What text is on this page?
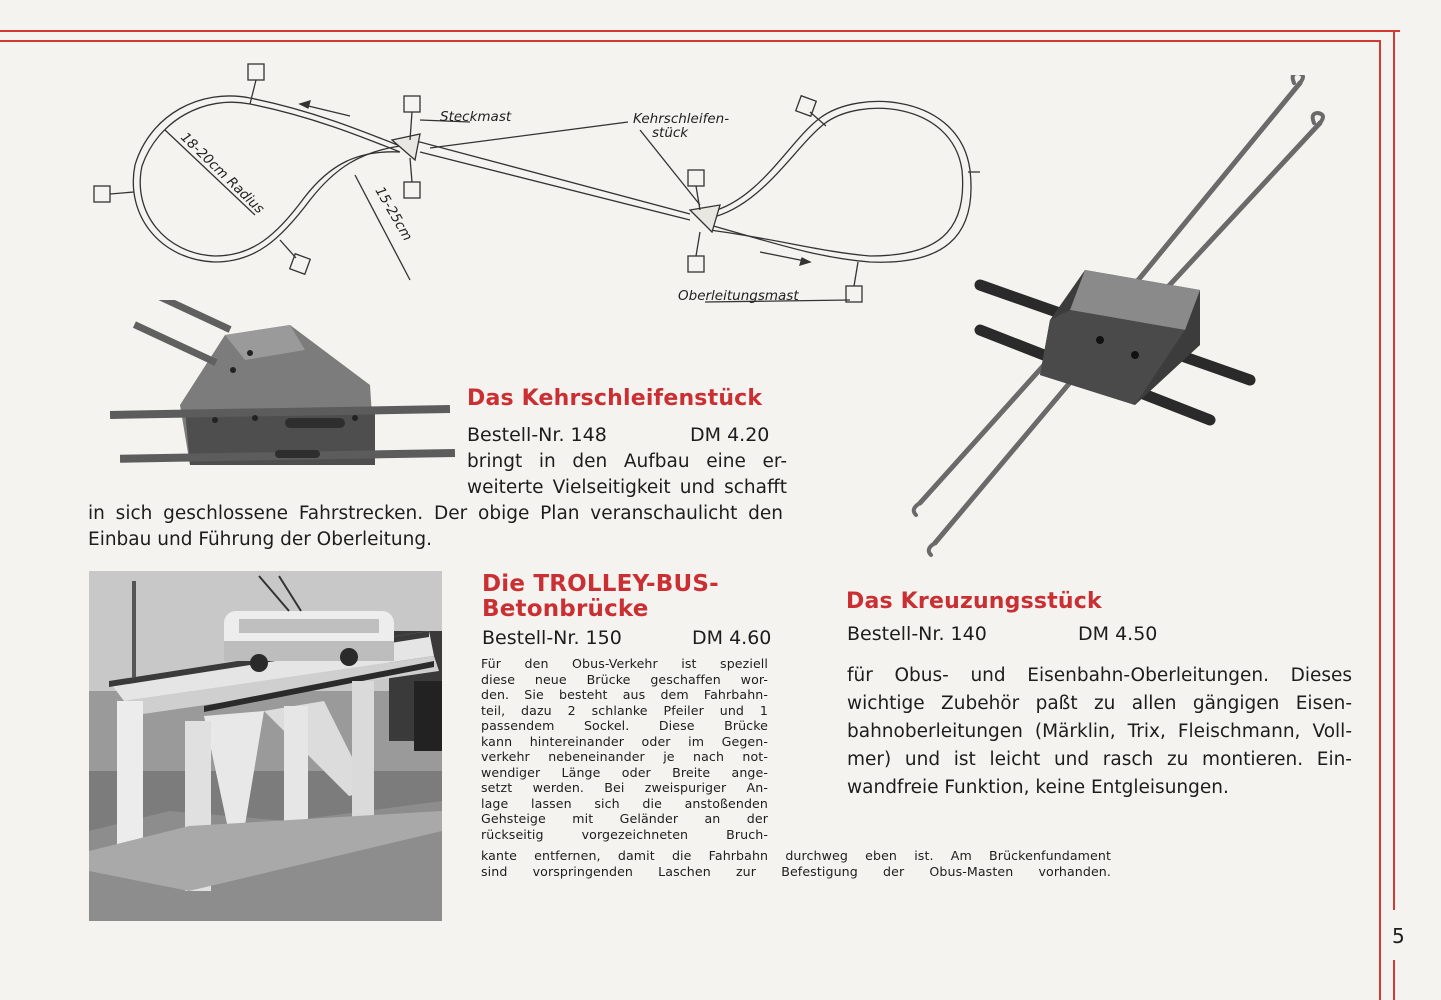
5
Steckmast	Kehrschleifen-
stück
18-20cm Radius	15-25cm
Oberleitungsmast
Das Kehrschleifenstück
Bestell-Nr. 148	DM 4.20
bringt in den Aufbau eine er-
weiterte Vielseitigkeit und schafft
in sich geschlossene Fahrstrecken. Der obige Plan veranschaulicht den
Einbau und Führung der Oberleitung.
Die TROLLEY-BUS-
Betonbrücke
Bestell-Nr. 150	DM 4.60
Für den Obus-Verkehr ist speziell
diese neue Brücke geschaffen wor-
den. Sie besteht aus dem Fahrbahn-
teil, dazu 2 schlanke Pfeiler und 1
passendem Sockel. Diese Brücke
kann hintereinander oder im Gegen-
verkehr nebeneinander je nach not-
wendiger Länge oder Breite ange-
setzt werden. Bei zweispuriger An-
lage lassen sich die anstoßenden
Gehsteige mit Geländer an der
rückseitig vorgezeichneten Bruch-
kante entfernen, damit die Fahrbahn durchweg eben ist. Am Brückenfundament
sind vorspringenden Laschen zur Befestigung der Obus-Masten vorhanden.
Das Kreuzungsstück
Bestell-Nr. 140	DM 4.50
für Obus- und Eisenbahn-Oberleitungen. Dieses
wichtige Zubehör paßt zu allen gängigen Eisen-
bahnoberleitungen (Märklin, Trix, Fleischmann, Voll-
mer) und ist leicht und rasch zu montieren. Ein-
wandfreie Funktion, keine Entgleisungen.
